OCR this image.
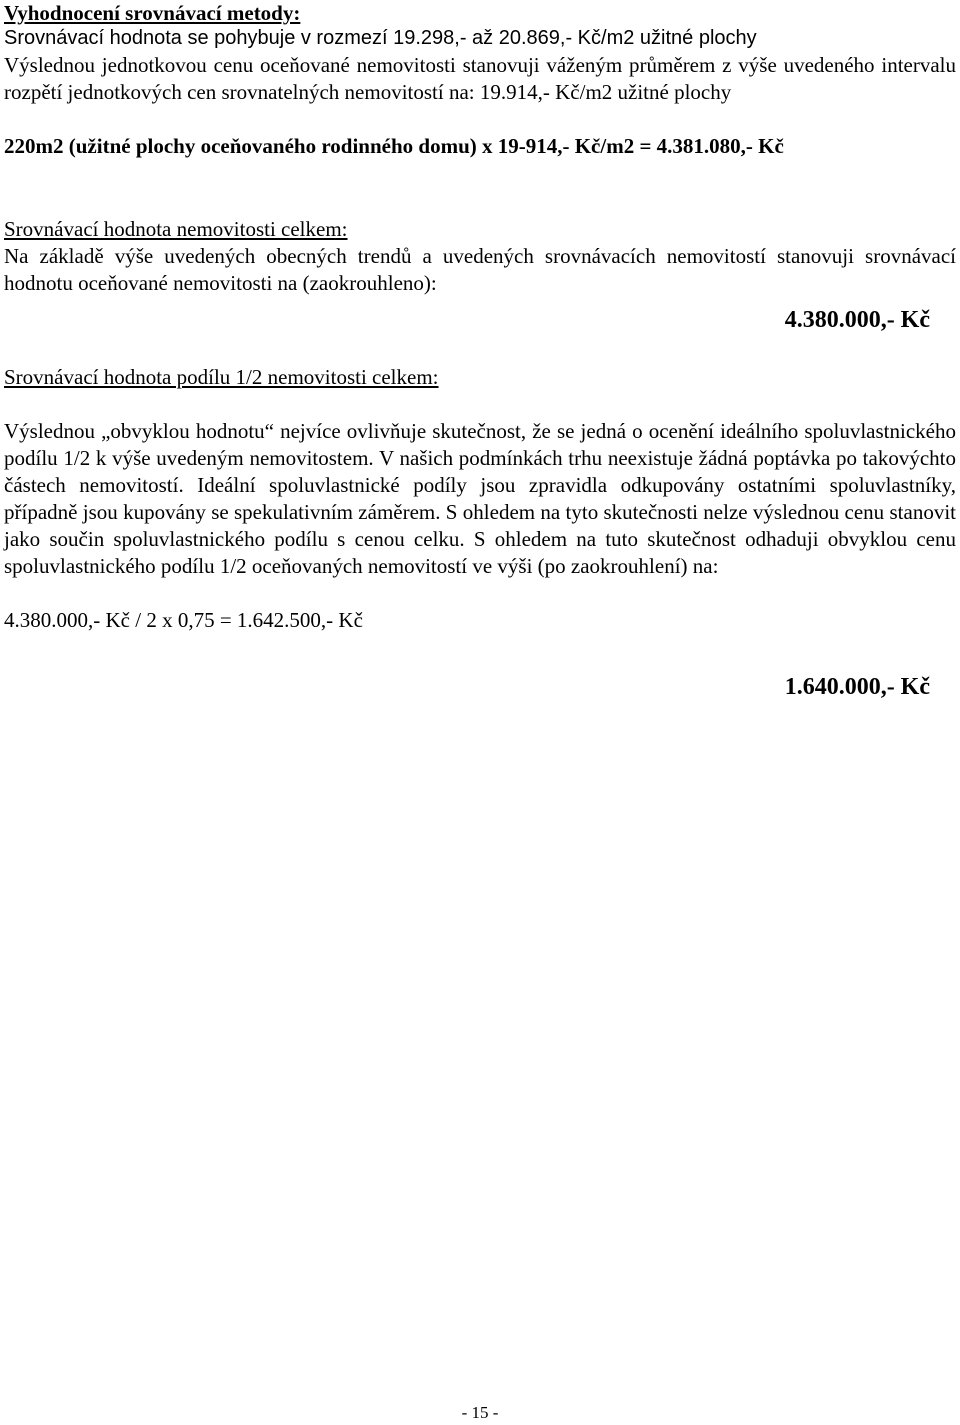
Vyhodnocení srovnávací metody:

Srovnávací hodnota se pohybuje v rozmezí 19.298,- až 20.869,- Kč/m2 užitné plochy

Výslednou jednotkovou cenu oceňované nemovitosti stanovuji váženým průměrem z výše uvedeného intervalu rozpětí jednotkových cen srovnatelných nemovitostí na: 19.914,- Kč/m2 užitné plochy

220m2 (užitné plochy oceňovaného rodinného domu) x 19-914,- Kč/m2 = 4.381.080,- Kč

Srovnávací hodnota nemovitosti celkem:

Na základě výše uvedených obecných trendů a uvedených srovnávacích nemovitostí stanovuji srovnávací hodnotu oceňované nemovitosti na (zaokrouhleno):

4.380.000,- Kč

Srovnávací hodnota podílu 1/2 nemovitosti celkem:

Výslednou „obvyklou hodnotu“ nejvíce ovlivňuje skutečnost, že se jedná o ocenění ideálního spoluvlastnického podílu 1/2 k výše uvedeným nemovitostem. V našich podmínkách trhu neexistuje žádná poptávka po takovýchto částech nemovitostí. Ideální spoluvlastnické podíly jsou zpravidla odkupovány ostatními spoluvlastníky, případně jsou kupovány se spekulativním záměrem. S ohledem na tyto skutečnosti nelze výslednou cenu stanovit jako součin spoluvlastnického podílu s cenou celku. S ohledem na tuto skutečnost odhaduji obvyklou cenu spoluvlastnického podílu 1/2 oceňovaných nemovitostí ve výši (po zaokrouhlení) na:

4.380.000,- Kč / 2 x 0,75 = 1.642.500,- Kč

1.640.000,- Kč

- 15 -
